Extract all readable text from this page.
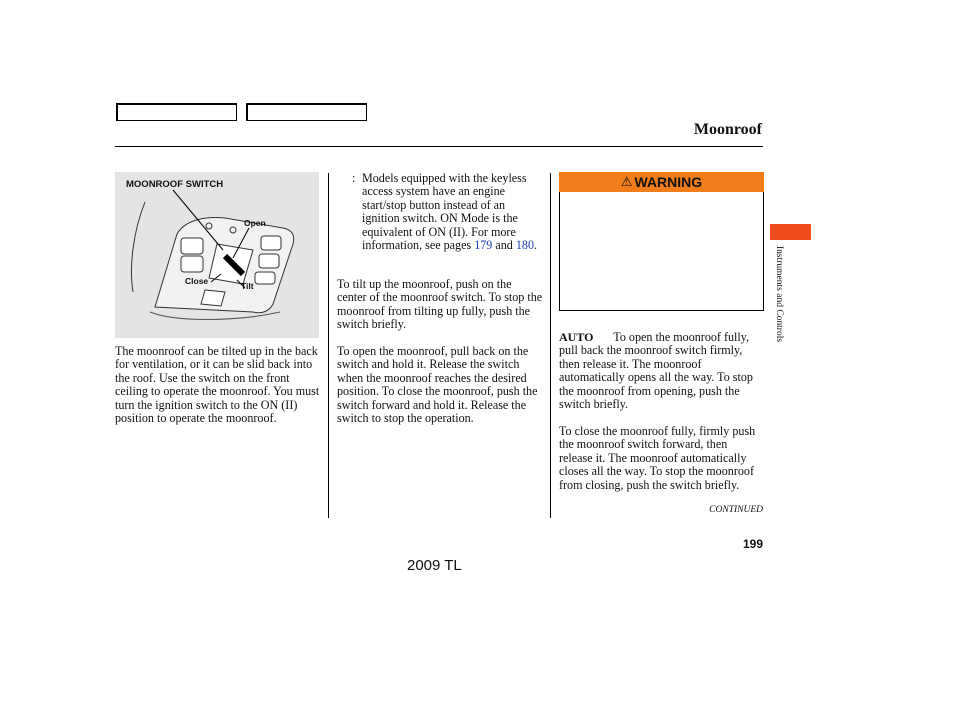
Moonroof
MOONROOF SWITCH
Open
Close	Tilt
The moonroof can be tilted up in the back for ventilation, or it can be slid back into the roof. Use the switch on the front ceiling to operate the moonroof. You must turn the ignition switch to the ON (II) position to operate the moonroof.
: Models equipped with the keyless access system have an engine start/stop button instead of an ignition switch. ON Mode is the equivalent of ON (II). For more information, see pages 179 and 180.
To tilt up the moonroof, push on the center of the moonroof switch. To stop the moonroof from tilting up fully, push the switch briefly.
To open the moonroof, pull back on the switch and hold it. Release the switch when the moonroof reaches the desired position. To close the moonroof, push the switch forward and hold it. Release the switch to stop the operation.
⚠ WARNING
AUTO To open the moonroof fully, pull back the moonroof switch firmly, then release it. The moonroof automatically opens all the way. To stop the moonroof from opening, push the switch briefly.
To close the moonroof fully, firmly push the moonroof switch forward, then release it. The moonroof automatically closes all the way. To stop the moonroof from closing, push the switch briefly.
CONTINUED
Instruments and Controls
199
2009 TL
